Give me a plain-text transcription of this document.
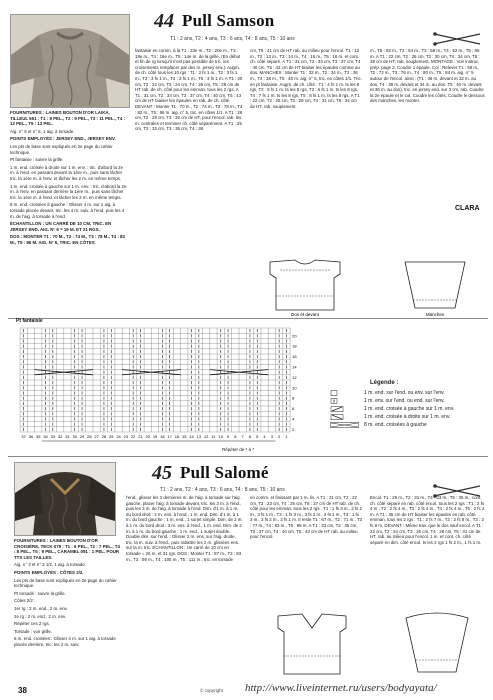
44 Pull Samson
T1 : 2 ans, T2 : 4 ans, T3 : 6 ans, T4 : 8 ans, T5 : 10 ans

FOURNITURES : LAINES BOUTON D'OR LAIKA, TILLEUL 561 : T1 : 8 PEL., T2 : 9 PEL., T3 : 11 PEL., T4 : 12 PEL., T5 : 13 PEL.

Aig. n° 5 et n° 6, 1 aig. à torsade.

POINTS EMPLOYÉS : JERSEY END., JERSEY ENV.

Les pts de base sont expliqués en 2e page du cahier technique.

Pt fantaisie : suivre la grille.

1 m. end. croisée à droite sur 1 m. env. : tric. d'abord la 2e m. à l'end. en passant devant la 1ère m., puis sans lâcher tric. la 1ère m. à l'env. et lâcher les 2 m. en même temps.

1 m. end. croisée à gauche sur 1 m. env. : tric. d'abord la 2e m. à l'env. en passant derrière la 1ère m., puis sans lâcher tric. la 1ère m. à l'end. et lâcher les 2 m. en même temps.

8 m. end. croisées à gauche : Glisser 4 m. sur 1 aig. à torsade placée devant, tric. les 4 m. suiv. à l'end. puis les 4 m. de l'aig. à torsade à l'end.

ÉCHANTILLON : UN CARRÉ DE 10 CM, TRIC. EN JERSEY END. AIG. N° 6 = 19 M. ET 21 RGS.

DOS : MONTER T1 : 70 M., T2 : 74 M., T3 : 78 M., T4 : 82 M., T5 : 86 M. AIG. N° 5, TRIC. EN CÔTES

fantaisie en comm. à la T1 : 23e m., T2 : 20e m., T3 : 18e m., T4 : 16e m., T5 : 14e m. de la grille. (En début et fin de rg lorsqu'il n'est pas possible de tric. les croisements remplacer par des m. jersey env.). Augm. de ch. côté tous les 10 rgs : T1 : 2 fs 1 m., T2 : 3 fs 1 m., T3 : 3 fs 1 m., T4 : 3 fs 1 m., T5 : 3 fs 1 m. A T1 : 20 cm, T2 : 22 cm, T3 : 24 cm, T4 : 26 cm, T5 : 28 cm de HT rab. de ch. côté pour les emman. tous les 2 rgs. A T1 : 31 cm, T2 : 34 cm, T3 : 37 cm, T4 : 40 cm, T5 : 43 cm de HT biaiser les épaules en rab. de ch. côté. DEVANT : Monter T1 : 70 m., T2 : 74 m., T3 : 78 m., T4 : 82 m., T5 : 86 m. aig. n° 5, tric. en côtes 1/1. A T1 : 26 cm, T2 : 29 cm, T3 : 32 cm de HT, pour l'encol. rab. les m. centrales et terminer ch. côté séparément. A T1 : 29 cm, T2 : 32 cm, T3 : 35 cm, T4 : 38
cm, T5 : 41 cm de HT rab. au milieu pour l'encol. T1 : 12 m., T2 : 13 m., T3 : 14 m., T4 : 15 m., T5 : 16 m. et cont. ch. côté séparé. A T1 : 31 cm, T2 : 34 cm, T3 : 37 cm, T4 : 40 cm, T5 : 43 cm de HT biaiser les épaules comme au dos. MANCHES : Monter T1 : 32 m., T2 : 34 m., T3 : 36 m., T4 : 38 m., T5 : 40 m. aig. n° 5, tric. en côtes 1/1. Tric. en pt fantaisie. Augm. de ch. côté : T1 : 4 fs 1 m. ts les 8 rgs, T2 : 5 fs 1 m. ts les 8 rgs, T3 : 6 fs 1 m. ts les 8 rgs, T4 : 7 fs 1 m. ts les 8 rgs, T5 : 8 fs 1 m. ts les 8 rgs. A T1 : 22 cm, T2 : 25 cm, T3 : 28 cm, T4 : 31 cm, T5 : 34 cm de HT, rab. souplement.
m., T5 : 92 m., T2 : 54 m., T3 : 58 m., T4 : 62 m., T5 : 66 m. A T1 : 22 cm, T2 : 26 cm, T3 : 30 cm, T4 : 34 cm, T5 : 38 cm de HT, rab. souplement. MONTAGE : Voir instruc. prép. page 2. Coudre 1 épaule. Col : Relever T1 : 68 m., T2 : 72 m., T3 : 76 m., T4 : 80 m., T5 : 84 m. aig. n° 5 autour de l'encol. ainsi : (T1 : 36 m. devant et 32 m. au dos, T4 : 38 m. devant et 34 m. au dos. T5 : 40 m. devant et 36 m. au dos), tric. en jersey end. sur 3 cm, rab. Coudre la 2e épaule et le col. Coudre les côtés. Coudre le dessous des manches, les monter.
CLARA
Dos et devant	Manches
Pt fantaisie
37 36 35 34 33 32 31 30 29 28 27 26 25 24 23 22 21 20 19 18 17 16 15 14 13 12 11 10 9 8 7 6 5 4 3 2 1
20
18
16
14
12
10
8
6
4
2
Répéter de * à *
Légende :
1 m. end. sur l'end. ou env. sur l'env.
1 m. env. sur l'end. ou end. sur l'env.
1 m. end. croisée à gauche sur 1 m. env.
1 m. end. croisée à droite sur 1 m. env.
8 m. end. croisées à gauche
45 Pull Salomé
T1 : 2 ans, T2 : 4 ans, T3 : 6 ans, T4 : 8 ans, T5 : 10 ans

FOURNITURES : LAINES BOUTON D'OR CROISIÈRE, TECK 079 : T1 : 6 PEL., T2 : 7 PEL., T4 : 8 PEL., T5 : 9 PEL., CARAMEL 091 : 1 PEL. POUR TTS LES TAILLES.

Aig. n° 3 et n° 3 1/2, 1 aig. à torsade.

POINTS EMPLOYÉS : CÔTES 2/2.

Les pts de base sont expliqués en 2e page du cahier technique.

Pt torsadé : suivre la grille.

Côtes 2/2 :

1er rg : 2 m. end., 2 m. env.

2e rg : 2 m. end., 2 m. env.

Répéter ces 2 rgs.

Torsade : voir grille.

6 m. end. croisées : Glisser 4 m. sur 1 aig. à torsade placée derrière, tric. les 2 m. suiv.

l'end., glisser les 3 dernières m. de l'aig. à torsade sur l'aig. gauche, placer l'aig. à torsade devant, tric. les 3 m. à l'end., puis les 3 m. de l'aig. à torsade à l'end. Dim. d'1 m. à 1 m. du bord droit : 2 m. ens. à l'end., 1 m. end. Dim. d'1 m. à 1 m. du bord gauche : 1 m. end., 1 surjet simple. Dim. de 2 m. à 1 m. du bord droit : 3 m. ens. à l'end., 1 m. end. Dim. de 2 m. à 1 m. du bord gauche : 1 m. end., 1 surjet double. Double dim. sur l'end. : Glisser 2 m. ens. sur l'aig. droite, tric. la m. suiv. à l'end., puis rabattre les 2 m. glissées ens. sur la m. tric. ÉCHANTILLON : Un carré de 10 cm en torsade = 26 m. et 31 rgs. DOS : Monter T1 : 87 m., T2 : 93 m., T3 : 99 m., T4 : 105 m., T5 : 111 m., tric. en torsade
en comm. et finissant par 1 m. lis. A T1 : 21 cm, T2 : 22 cm, T3 : 23 cm, T4 : 25 cm, T5 : 27 cm de HT rab. de ch. côté pour les emman. tous les 2 rgs : T1 : 1 fs 3 m., 2 fs 2 m., 3 fs 1 m., T2 : 1 fs 3 m., 3 fs 2 m., 2 fs 1 m., T3 : 1 fs 3 m., 3 fs 2 m., 3 fs 1 m. Il reste T1 : 67 m., T2 : 71 m., T3 : 77 m., T4 : 83 m., T5 : 85 m. A T1 : 33 cm, T2 : 35 cm, T3 : 37 cm, T4 : 40 cm, T5 : 43 cm de HT rab. au milieu pour l'encol.
Encol. T1 : 29 m., T2 : 31 m., T4 : 33 m., T5 : 35 m., cont. ch. côté séparé en rab. côté encol. tous les 2 rgs : T1 : 2 fs 4 m., T2 : 2 fs 4 m., T3 : 2 fs 4 m., T4 : 2 fs 4 m., T5 : 2 fs 4 m. A T1 : 35 cm de HT biaiser les épaules en rab. côté emman. tous les 2 rgs : T1 : 2 fs 7 m., T2 : 2 fs 8 m., T3 : 2 fs 9 m. DEVANT : Même trav. que le dos sauf encol. A T1 : 22 cm, T2 : 24 cm, T3 : 26 cm, T4 : 28 cm, T5 : 31 cm de HT, rab. au milieu pour l'encol. 1 m. et cont. ch. côté séparé en dim. côté encol. ts les 2 rgs 1 fs 2 m., 1 fs 1 m.
38	© copyright http://www.liveinternet.ru/users/bodyayata/
